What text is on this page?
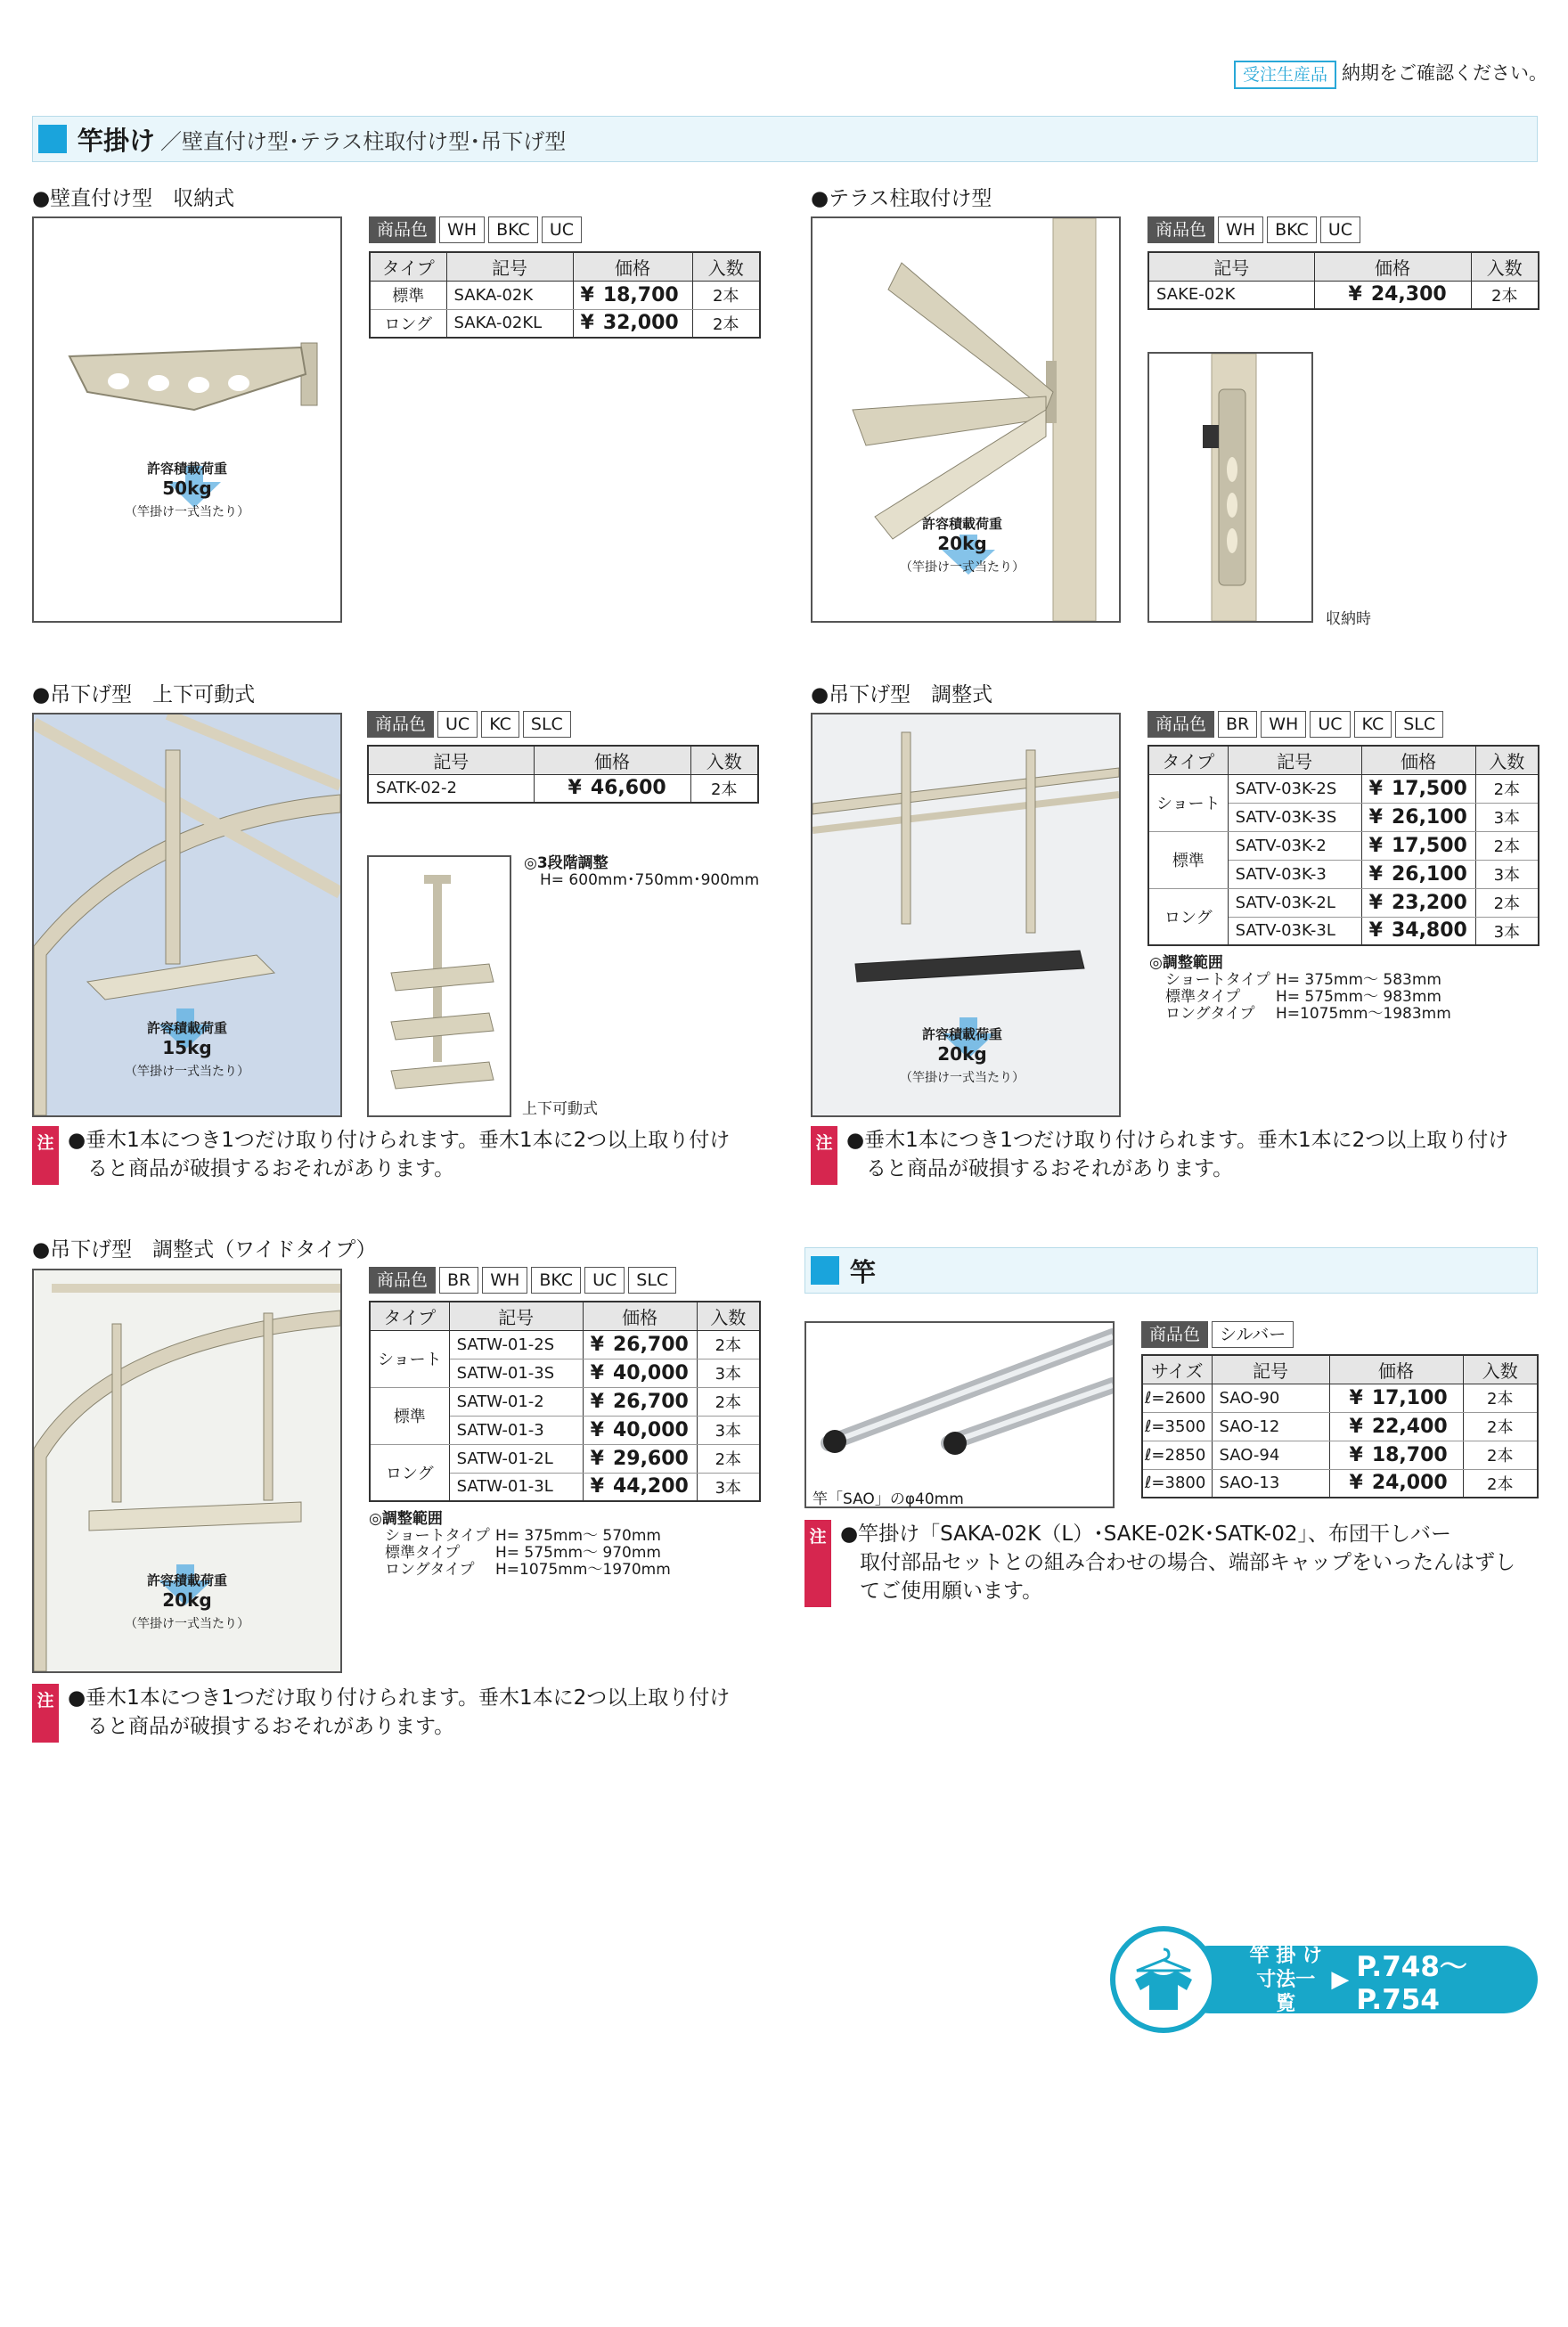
受注生産品 納期をご確認ください。
竿掛け ／壁直付け型･テラス柱取付け型･吊下げ型
●壁直付け型　収納式
許容積載荷重
50kg
（竿掛け一式当たり）
商品色	WH	BKC	UC
タイプ	記号	価格	入数
標準	SAKA-02K	¥ 18,700	2本
ロング	SAKA-02KL	¥ 32,000	2本
●テラス柱取付け型
許容積載荷重
20kg
（竿掛け一式当たり）
商品色	WH	BKC	UC
記号	価格	入数
SAKE-02K	¥ 24,300	2本
収納時
●吊下げ型　上下可動式
許容積載荷重
15kg
（竿掛け一式当たり）
商品色	UC	KC	SLC
記号	価格	入数
SATK-02-2	¥ 46,600	2本
◎3段階調整
H= 600mm･750mm･900mm
上下可動式
注 ●垂木1本につき1つだけ取り付けられます。垂木1本に2つ以上取り付け
ると商品が破損するおそれがあります。
●吊下げ型　調整式
許容積載荷重
20kg
（竿掛け一式当たり）
商品色	BR	WH	UC	KC	SLC
タイプ	記号	価格	入数
ショート	SATV-03K-2S	¥ 17,500	2本
	SATV-03K-3S	¥ 26,100	3本
標準	SATV-03K-2	¥ 17,500	2本
	SATV-03K-3	¥ 26,100	3本
ロング	SATV-03K-2L	¥ 23,200	2本
	SATV-03K-3L	¥ 34,800	3本
◎調整範囲
ショートタイプ H= 375mm～ 583mm
標準タイプ H= 575mm～ 983mm
ロングタイプ H=1075mm～1983mm
注 ●垂木1本につき1つだけ取り付けられます。垂木1本に2つ以上取り付け
ると商品が破損するおそれがあります。
●吊下げ型　調整式（ワイドタイプ）
許容積載荷重
20kg
（竿掛け一式当たり）
商品色	BR	WH	BKC	UC	SLC
タイプ	記号	価格	入数
ショート	SATW-01-2S	¥ 26,700	2本
	SATW-01-3S	¥ 40,000	3本
標準	SATW-01-2	¥ 26,700	2本
	SATW-01-3	¥ 40,000	3本
ロング	SATW-01-2L	¥ 29,600	2本
	SATW-01-3L	¥ 44,200	3本
◎調整範囲
ショートタイプ H= 375mm～ 570mm
標準タイプ H= 575mm～ 970mm
ロングタイプ H=1075mm～1970mm
注 ●垂木1本につき1つだけ取り付けられます。垂木1本に2つ以上取り付け
ると商品が破損するおそれがあります。
竿
竿「SAO」のφ40mm
商品色	シルバー
サイズ	記号	価格	入数
ℓ=2600	SAO-90	¥ 17,100	2本
ℓ=3500	SAO-12	¥ 22,400	2本
ℓ=2850	SAO-94	¥ 18,700	2本
ℓ=3800	SAO-13	¥ 24,000	2本
注 ●竿掛け「SAKA-02K（L）･SAKE-02K･SATK-02」、布団干しバー
取付部品セットとの組み合わせの場合、端部キャップをいったんはずし
てご使用願います。
竿 掛 け
寸法一覧
▶ P.748～P.754
